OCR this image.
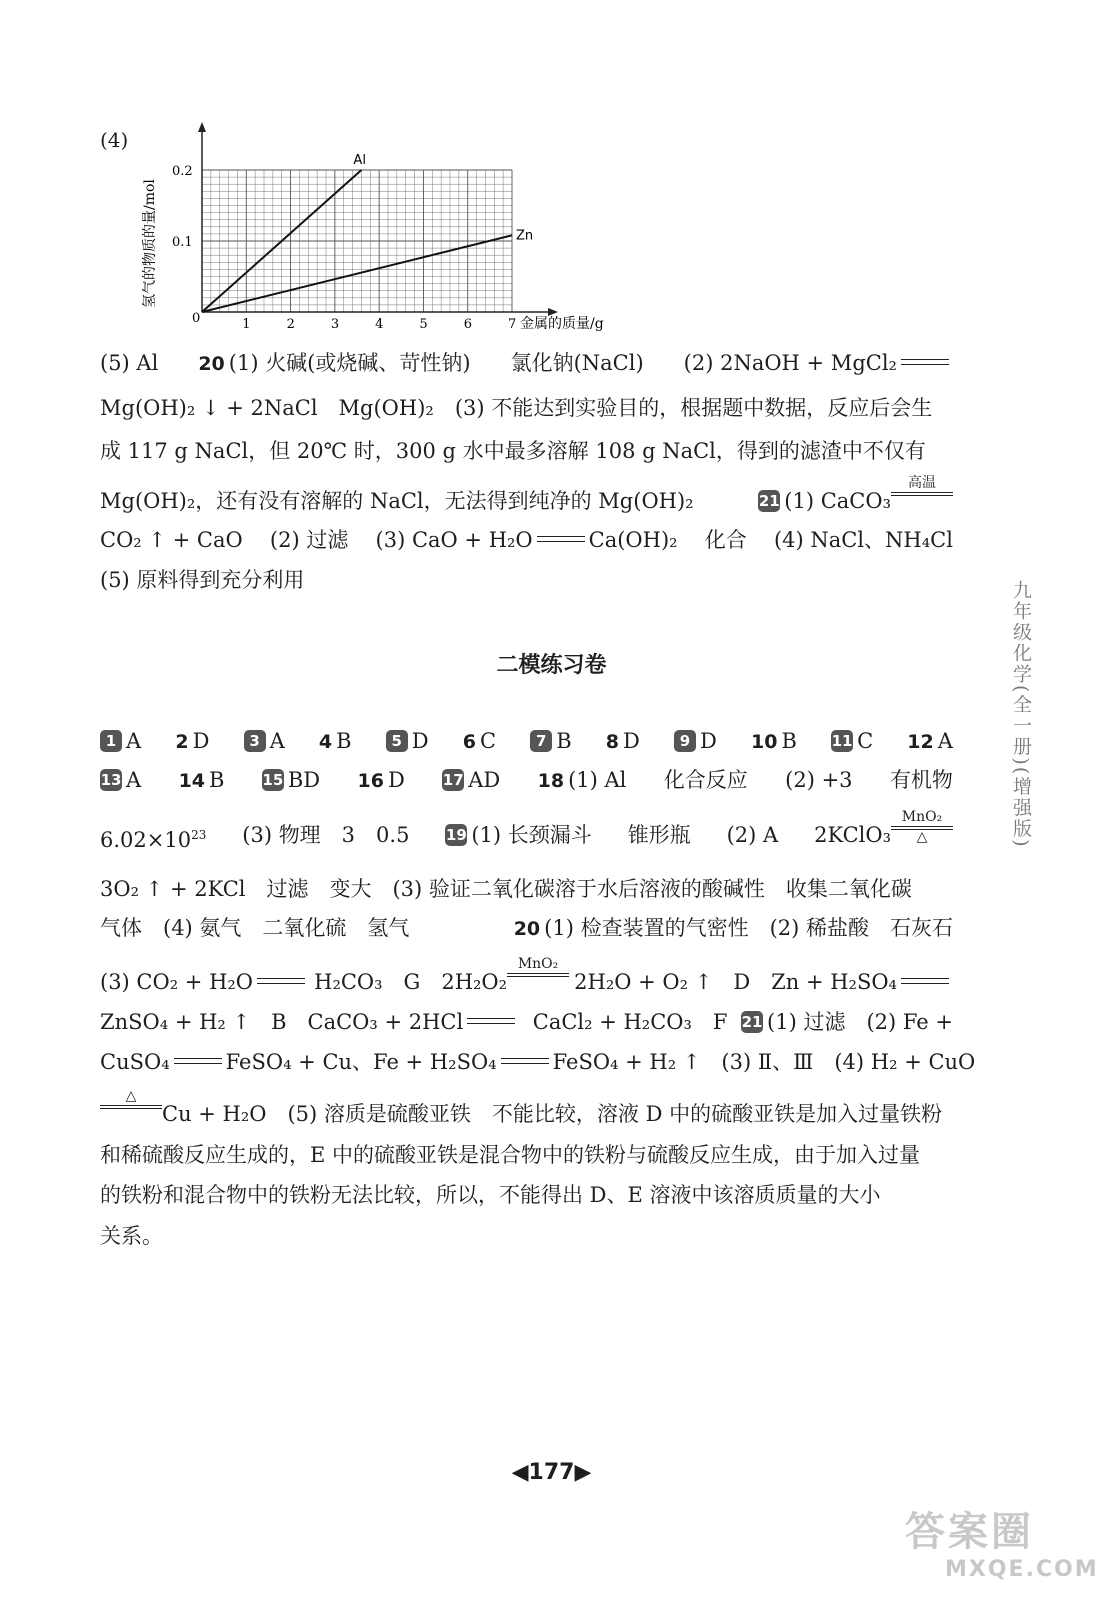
(4)
0	1	2	3	4	5	6	7
0.1
0.2
Al
Zn
金属的质量/g
氢气的物质的量/mol
(5) Al 20 (1) 火碱(或烧碱、苛性钠) 氯化钠(NaCl) (2) 2NaOH + MgCl₂
Mg(OH)₂ ↓ + 2NaCl　Mg(OH)₂　(3) 不能达到实验目的，根据题中数据，反应后会生
成 117 g NaCl，但 20℃ 时，300 g 水中最多溶解 108 g NaCl，得到的滤渣中不仅有
Mg(OH)₂，还有没有溶解的 NaCl，无法得到纯净的 Mg(OH)₂	21 (1) CaCO₃
高温
CO₂ ↑ + CaO (2) 过滤 (3) CaO + H₂O	Ca(OH)₂ 化合 (4) NaCl、NH₄Cl
(5) 原料得到充分利用
二模练习卷
1 A 2 D	3 A 4 B	5 D 6 C	7 B 8 D	9 D 10 B 11 C 12 A
13 A 14 B	15 BD 16 D	17 AD 18 (1) Al 化合反应 (2) +3 有机物
$6.02\times 10^{23}$ (3) 物理　3　0.5 19 (1) 长颈漏斗 锥形瓶 (2) A 2KClO₃
MnO₂
△
3O₂ ↑ + 2KCl　过滤　变大　(3) 验证二氧化碳溶于水后溶液的酸碱性　收集二氧化碳
气体　(4) 氨气　二氧化硫　氢气	20 (1) 检查装置的气密性　(2) 稀盐酸　石灰石
(3) CO₂ + H₂O	H₂CO₃　G　2H₂O₂
MnO₂
2H₂O + O₂ ↑　D　Zn + H₂SO₄
ZnSO₄ + H₂ ↑　B　CaCO₃ + 2HCl	CaCl₂ + H₂CO₃　F 21 (1) 过滤　(2) Fe +
CuSO₄	FeSO₄ + Cu、Fe + H₂SO₄	FeSO₄ + H₂ ↑　(3) Ⅱ、Ⅲ　(4) H₂ + CuO
△
Cu + H₂O　(5) 溶质是硫酸亚铁　不能比较，溶液 D 中的硫酸亚铁是加入过量铁粉
和稀硫酸反应生成的，E 中的硫酸亚铁是混合物中的铁粉与硫酸反应生成，由于加入过量
的铁粉和混合物中的铁粉无法比较，所以，不能得出 D、E 溶液中该溶质质量的大小
关系。
九年级化学(全一册)(增强版)
◀177▶
答案圈
MXQE.COM
